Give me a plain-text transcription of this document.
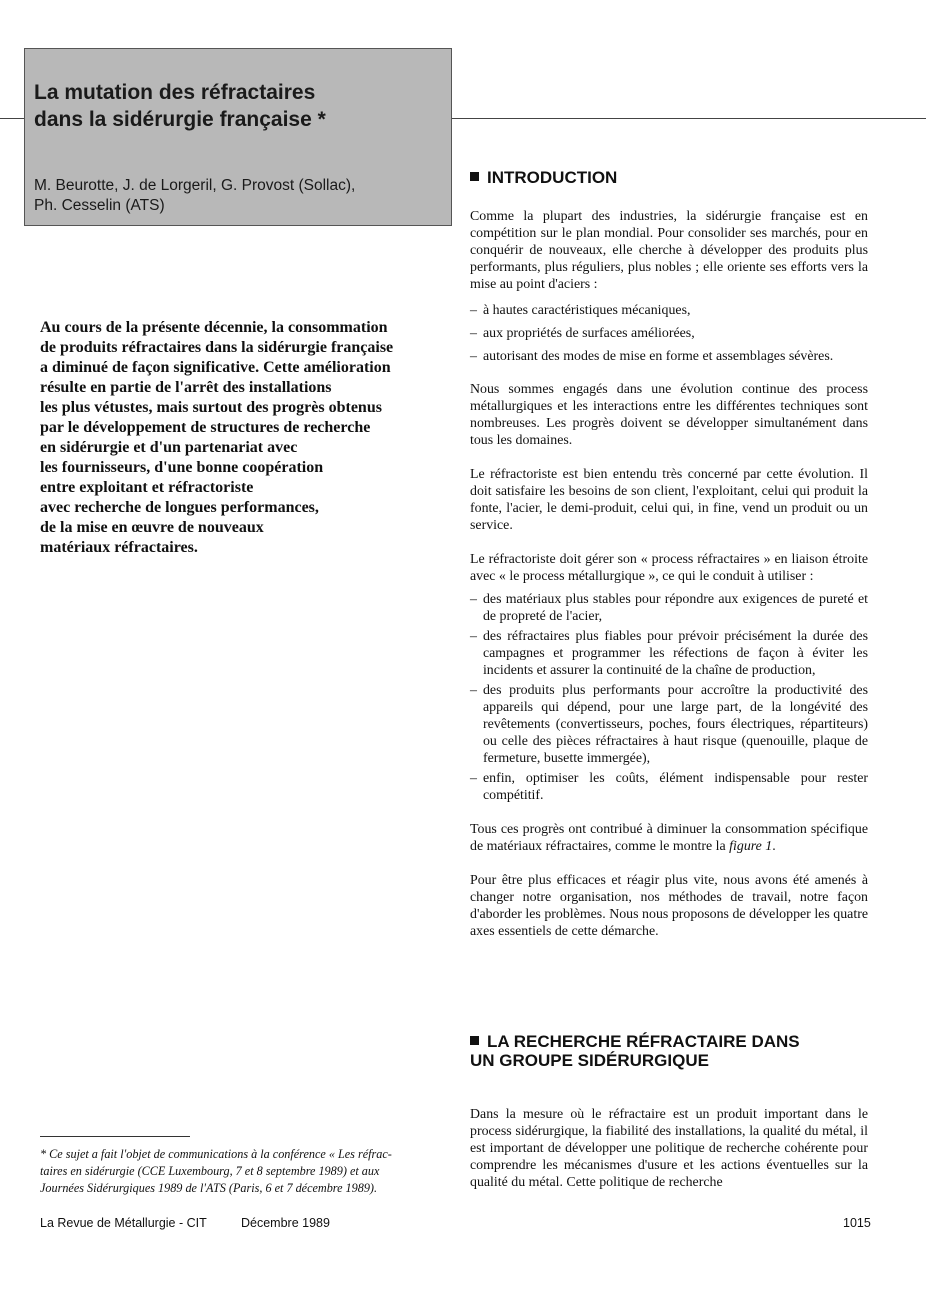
La mutation des réfractaires
dans la sidérurgie française *

M. Beurotte, J. de Lorgeril, G. Provost (Sollac),
Ph. Cesselin (ATS)

Au cours de la présente décennie, la consommation
de produits réfractaires dans la sidérurgie française
a diminué de façon significative. Cette amélioration
résulte en partie de l'arrêt des installations
les plus vétustes, mais surtout des progrès obtenus
par le développement de structures de recherche
en sidérurgie et d'un partenariat avec
les fournisseurs, d'une bonne coopération
entre exploitant et réfractoriste
avec recherche de longues performances,
de la mise en œuvre de nouveaux
matériaux réfractaires.

* Ce sujet a fait l'objet de communications à la conférence « Les réfrac-
taires en sidérurgie (CCE Luxembourg, 7 et 8 septembre 1989) et aux
Journées Sidérurgiques 1989 de l'ATS (Paris, 6 et 7 décembre 1989).

INTRODUCTION

Comme la plupart des industries, la sidérurgie française est en compétition sur le plan mondial. Pour consolider ses marchés, pour en conquérir de nouveaux, elle cherche à développer des produits plus performants, plus réguliers, plus nobles ; elle oriente ses efforts vers la mise au point d'aciers :

– à hautes caractéristiques mécaniques,
– aux propriétés de surfaces améliorées,
– autorisant des modes de mise en forme et assemblages sévères.

Nous sommes engagés dans une évolution continue des process métallurgiques et les interactions entre les différentes techniques sont nombreuses. Les progrès doivent se développer simultanément dans tous les domaines.

Le réfractoriste est bien entendu très concerné par cette évolution. Il doit satisfaire les besoins de son client, l'exploitant, celui qui produit la fonte, l'acier, le demi-produit, celui qui, in fine, vend un produit ou un service.

Le réfractoriste doit gérer son « process réfractaires » en liaison étroite avec « le process métallurgique », ce qui le conduit à utiliser :

– des matériaux plus stables pour répondre aux exigences de pureté et de propreté de l'acier,
– des réfractaires plus fiables pour prévoir précisément la durée des campagnes et programmer les réfections de façon à éviter les incidents et assurer la continuité de la chaîne de production,
– des produits plus performants pour accroître la productivité des appareils qui dépend, pour une large part, de la longévité des revêtements (convertisseurs, poches, fours électriques, répartiteurs) ou celle des pièces réfractaires à haut risque (quenouille, plaque de fermeture, busette immergée),
– enfin, optimiser les coûts, élément indispensable pour rester compétitif.

Tous ces progrès ont contribué à diminuer la consommation spécifique de matériaux réfractaires, comme le montre la figure 1.

Pour être plus efficaces et réagir plus vite, nous avons été amenés à changer notre organisation, nos méthodes de travail, notre façon d'aborder les problèmes. Nous nous proposons de développer les quatre axes essentiels de cette démarche.

LA RECHERCHE RÉFRACTAIRE DANS
UN GROUPE SIDÉRURGIQUE

Dans la mesure où le réfractaire est un produit important dans le process sidérurgique, la fiabilité des installations, la qualité du métal, il est important de développer une politique de recherche cohérente pour comprendre les mécanismes d'usure et les actions éventuelles sur la qualité du métal. Cette politique de recherche

La Revue de Métallurgie - CIT	Décembre 1989	1015
